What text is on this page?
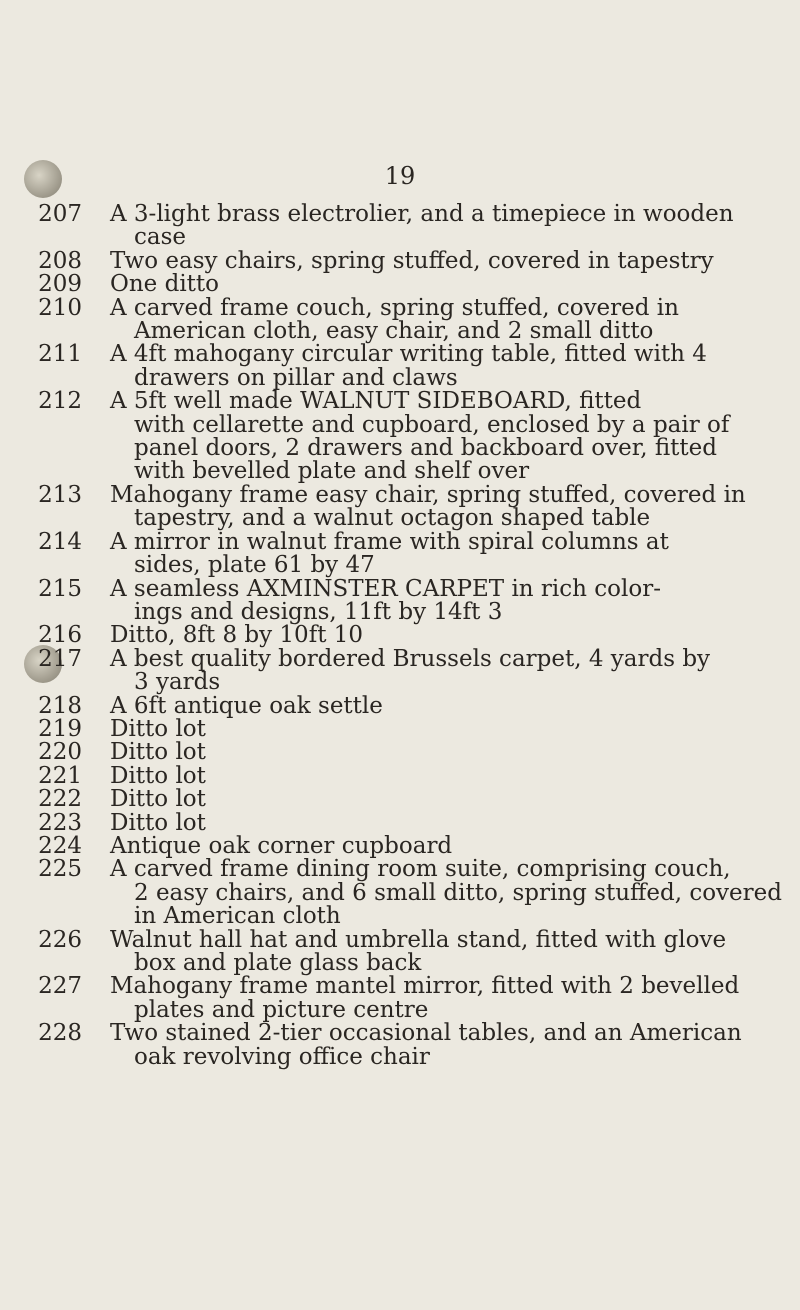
19
207	A 3-light brass electrolier, and a timepiece in wooden
case
208	Two easy chairs, spring stuffed, covered in tapestry
209	One ditto
210	A carved frame couch, spring stuffed, covered in
American cloth, easy chair, and 2 small ditto
211	A 4ft mahogany circular writing table, fitted with 4
drawers on pillar and claws
212	A 5ft well made WALNUT SIDEBOARD, fitted
with cellarette and cupboard, enclosed by a pair of
panel doors, 2 drawers and backboard over, fitted
with bevelled plate and shelf over
213	Mahogany frame easy chair, spring stuffed, covered in
tapestry, and a walnut octagon shaped table
214	A mirror in walnut frame with spiral columns at
sides, plate 61 by 47
215	A seamless AXMINSTER CARPET in rich color-
ings and designs, 11ft by 14ft 3
216	Ditto, 8ft 8 by 10ft 10
217	A best quality bordered Brussels carpet, 4 yards by
3 yards
218	A 6ft antique oak settle
219	Ditto lot
220	Ditto lot
221	Ditto lot
222	Ditto lot
223	Ditto lot
224	Antique oak corner cupboard
225	A carved frame dining room suite, comprising couch,
2 easy chairs, and 6 small ditto, spring stuffed, covered
in American cloth
226	Walnut hall hat and umbrella stand, fitted with glove
box and plate glass back
227	Mahogany frame mantel mirror, fitted with 2 bevelled
plates and picture centre
228	Two stained 2-tier occasional tables, and an American
oak revolving office chair
